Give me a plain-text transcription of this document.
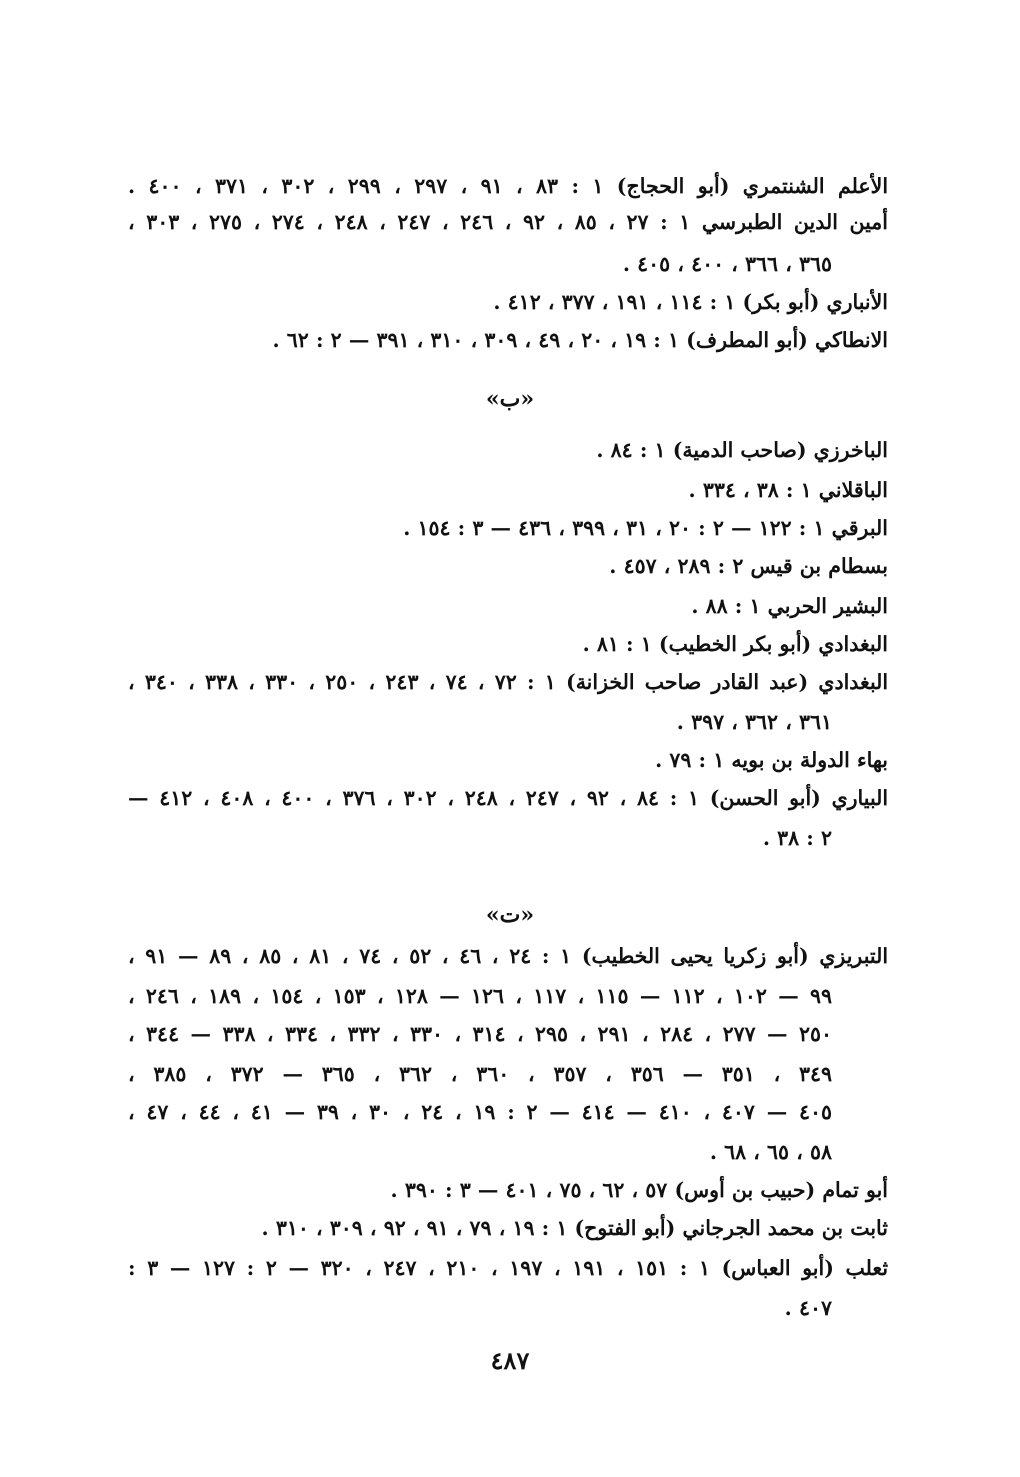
الأعلم الشنتمري (أبو الحجاج) ١ : ٨٣ ، ٩١ ، ٢٩٧ ، ٢٩٩ ، ٣٠٢ ، ٣٧١ ، ٤٠٠ .
أمين الدين الطبرسي ١ : ٢٧ ، ٨٥ ، ٩٢ ، ٢٤٦ ، ٢٤٧ ، ٢٤٨ ، ٢٧٤ ، ٢٧٥ ، ٣٠٣ ،
٣٦٥ ، ٣٦٦ ، ٤٠٠ ، ٤٠٥ .
الأنباري (أبو بكر) ١ : ١١٤ ، ١٩١ ، ٣٧٧ ، ٤١٢ .
الانطاكي (أبو المطرف) ١ : ١٩ ، ٢٠ ، ٤٩ ، ٣٠٩ ، ٣١٠ ، ٣٩١ — ٢ : ٦٢ .
«ب»
الباخرزي (صاحب الدمية) ١ : ٨٤ .
الباقلاني ١ : ٣٨ ، ٣٣٤ .
البرقي ١ : ١٢٢ — ٢ : ٢٠ ، ٣١ ، ٣٩٩ ، ٤٣٦ — ٣ : ١٥٤ .
بسطام بن قيس ٢ : ٢٨٩ ، ٤٥٧ .
البشير الحربي ١ : ٨٨ .
البغدادي (أبو بكر الخطيب) ١ : ٨١ .
البغدادي (عبد القادر صاحب الخزانة) ١ : ٧٢ ، ٧٤ ، ٢٤٣ ، ٢٥٠ ، ٣٣٠ ، ٣٣٨ ، ٣٤٠ ،
٣٦١ ، ٣٦٢ ، ٣٩٧ .
بهاء الدولة بن بويه ١ : ٧٩ .
البياري (أبو الحسن) ١ : ٨٤ ، ٩٢ ، ٢٤٧ ، ٢٤٨ ، ٣٠٢ ، ٣٧٦ ، ٤٠٠ ، ٤٠٨ ، ٤١٢ —
٢ : ٣٨ .
«ت»
التبريزي (أبو زكريا يحيى الخطيب) ١ : ٢٤ ، ٤٦ ، ٥٢ ، ٧٤ ، ٨١ ، ٨٥ ، ٨٩ — ٩١ ،
٩٩ — ١٠٢ ، ١١٢ — ١١٥ ، ١١٧ ، ١٢٦ — ١٢٨ ، ١٥٣ ، ١٥٤ ، ١٨٩ ، ٢٤٦ ،
٢٥٠ — ٢٧٧ ، ٢٨٤ ، ٢٩١ ، ٢٩٥ ، ٣١٤ ، ٣٣٠ ، ٣٣٢ ، ٣٣٤ ، ٣٣٨ — ٣٤٤ ،
٣٤٩ ، ٣٥١ — ٣٥٦ ، ٣٥٧ ، ٣٦٠ ، ٣٦٢ ، ٣٦٥ — ٣٧٢ ، ٣٨٥ ،
٤٠٥ — ٤٠٧ ، ٤١٠ — ٤١٤ — ٢ : ١٩ ، ٢٤ ، ٣٠ ، ٣٩ — ٤١ ، ٤٤ ، ٤٧ ،
٥٨ ، ٦٥ ، ٦٨ .
أبو تمام (حبيب بن أوس) ٥٧ ، ٦٢ ، ٧٥ ، ٤٠١ — ٣ : ٣٩٠ .
ثابت بن محمد الجرجاني (أبو الفتوح) ١ : ١٩ ، ٧٩ ، ٩١ ، ٩٢ ، ٣٠٩ ، ٣١٠ .
ثعلب (أبو العباس) ١ : ١٥١ ، ١٩١ ، ١٩٧ ، ٢١٠ ، ٢٤٧ ، ٣٢٠ — ٢ : ١٢٧ — ٣ :
٤٠٧ .
٤٨٧
